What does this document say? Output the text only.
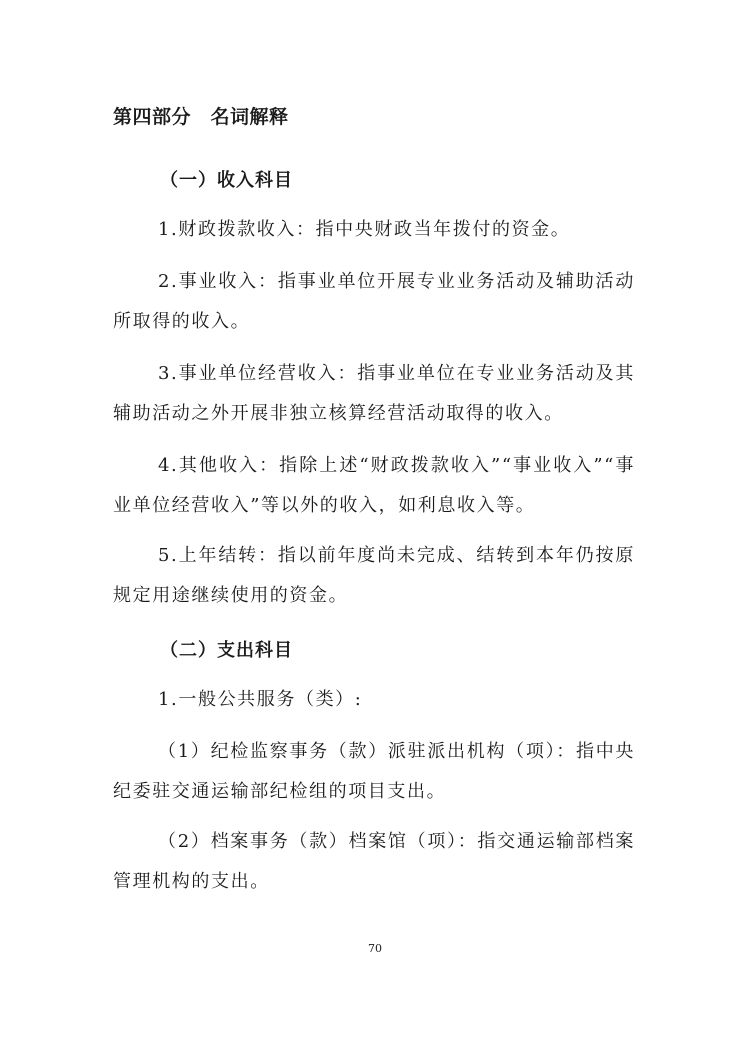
第四部分　名词解释
（一）收入科目

1.财政拨款收入：指中央财政当年拨付的资金。

2.事业收入：指事业单位开展专业业务活动及辅助活动所取得的收入。

3.事业单位经营收入：指事业单位在专业业务活动及其辅助活动之外开展非独立核算经营活动取得的收入。

4.其他收入：指除上述“财政拨款收入”“事业收入”“事业单位经营收入”等以外的收入，如利息收入等。

5.上年结转：指以前年度尚未完成、结转到本年仍按原规定用途继续使用的资金。

（二）支出科目

1.一般公共服务（类）:

（1）纪检监察事务（款）派驻派出机构（项）：指中央纪委驻交通运输部纪检组的项目支出。

（2）档案事务（款）档案馆（项）：指交通运输部档案管理机构的支出。

70
